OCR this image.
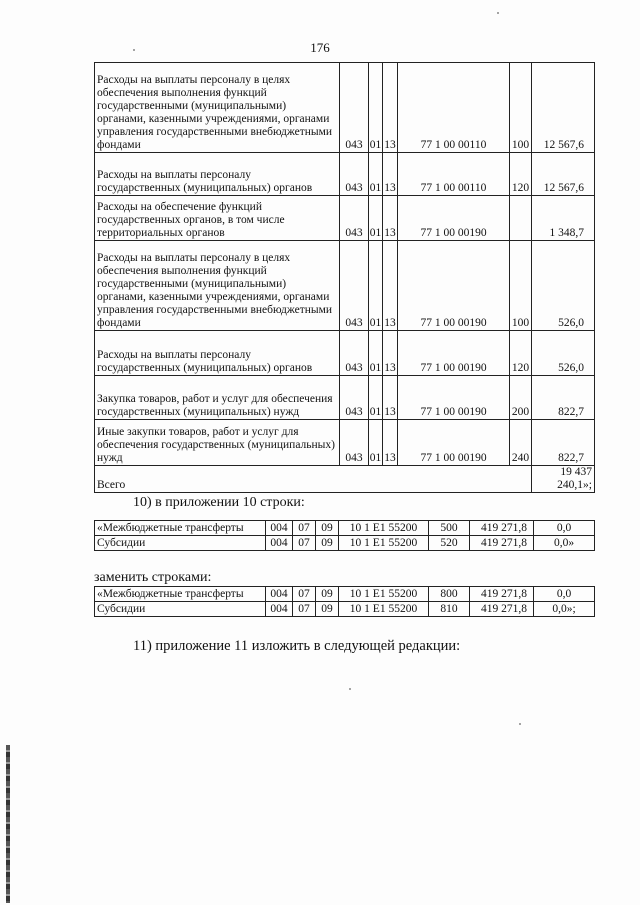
176
Расходы на выплаты персоналу в целях обеспечения выполнения функций государственными (муниципальными) органами, казенными учреждениями, органами управления государственными внебюджетными фондами	043	01	13	77 1 00 00110	100	12 567,6
Расходы на выплаты персоналу государственных (муниципальных) органов	043	01	13	77 1 00 00110	120	12 567,6
Расходы на обеспечение функций государственных органов, в том числе территориальных органов	043	01	13	77 1 00 00190		1 348,7
Расходы на выплаты персоналу в целях обеспечения выполнения функций государственными (муниципальными) органами, казенными учреждениями, органами управления государственными внебюджетными фондами	043	01	13	77 1 00 00190	100	526,0
Расходы на выплаты персоналу государственных (муниципальных) органов	043	01	13	77 1 00 00190	120	526,0
Закупка товаров, работ и услуг для обеспечения государственных (муниципальных) нужд	043	01	13	77 1 00 00190	200	822,7
Иные закупки товаров, работ и услуг для обеспечения государственных (муниципальных) нужд	043	01	13	77 1 00 00190	240	822,7
Всего						19 437 240,1»;
10) в приложении 10 строки:
«Межбюджетные трансферты	004	07	09	10 1 Е1 55200	500	419 271,8	0,0
Субсидии	004	07	09	10 1 Е1 55200	520	419 271,8	0,0»
заменить строками:
«Межбюджетные трансферты	004	07	09	10 1 Е1 55200	800	419 271,8	0,0
Субсидии	004	07	09	10 1 Е1 55200	810	419 271,8	0,0»;
11) приложение 11 изложить в следующей редакции:
